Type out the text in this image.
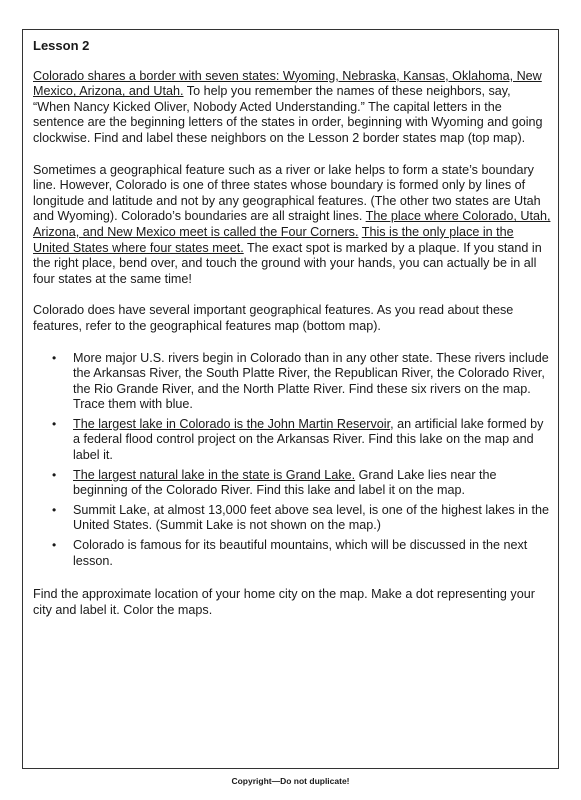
Lesson 2

Colorado shares a border with seven states: Wyoming, Nebraska, Kansas, Oklahoma, New Mexico, Arizona, and Utah. To help you remember the names of these neighbors, say, “When Nancy Kicked Oliver, Nobody Acted Understanding.” The capital letters in the sentence are the beginning letters of the states in order, beginning with Wyoming and going clockwise. Find and label these neighbors on the Lesson 2 border states map (top map).

Sometimes a geographical feature such as a river or lake helps to form a state’s boundary line. However, Colorado is one of three states whose boundary is formed only by lines of longitude and latitude and not by any geographical features. (The other two states are Utah and Wyoming). Colorado’s boundaries are all straight lines. The place where Colorado, Utah, Arizona, and New Mexico meet is called the Four Corners. This is the only place in the United States where four states meet. The exact spot is marked by a plaque. If you stand in the right place, bend over, and touch the ground with your hands, you can actually be in all four states at the same time!

Colorado does have several important geographical features. As you read about these features, refer to the geographical features map (bottom map).

• More major U.S. rivers begin in Colorado than in any other state. These rivers include the Arkansas River, the South Platte River, the Republican River, the Colorado River, the Rio Grande River, and the North Platte River. Find these six rivers on the map. Trace them with blue.
• The largest lake in Colorado is the John Martin Reservoir, an artificial lake formed by a federal flood control project on the Arkansas River. Find this lake on the map and label it.
• The largest natural lake in the state is Grand Lake. Grand Lake lies near the beginning of the Colorado River. Find this lake and label it on the map.
• Summit Lake, at almost 13,000 feet above sea level, is one of the highest lakes in the United States. (Summit Lake is not shown on the map.)
• Colorado is famous for its beautiful mountains, which will be discussed in the next lesson.

Find the approximate location of your home city on the map. Make a dot representing your city and label it. Color the maps.

Copyright—Do not duplicate!
